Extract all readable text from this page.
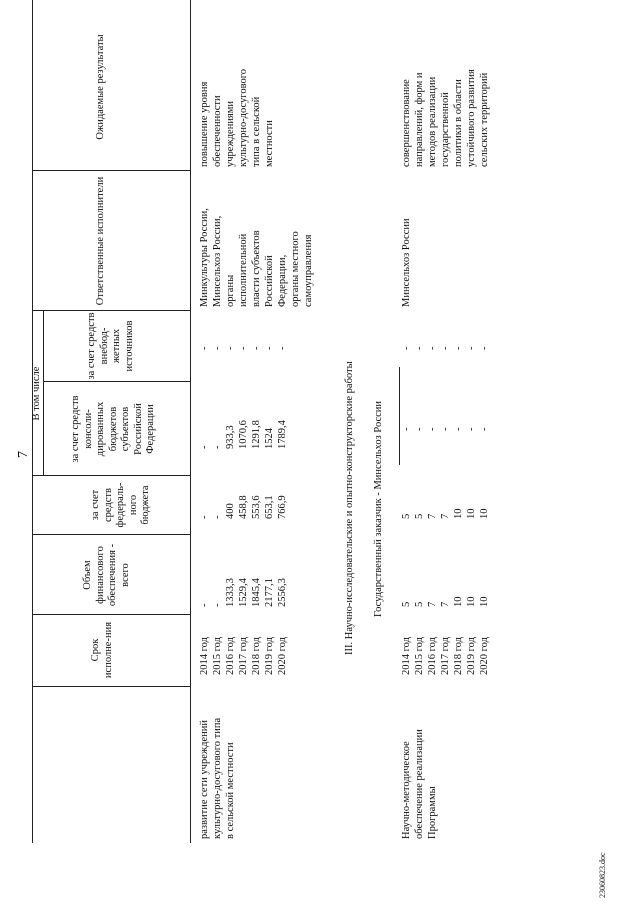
7
23060823.doc
Срок исполне-ния
Объем финансового обеспечения - всего
В том числе
за счет средств федераль-ного бюджета
за счет средств консоли-дированных бюджетов субъектов Российской Федерации
за счет средств внебюд-жетных источников
Ответственные исполнители
Ожидаемые результаты
развитие сети учреждений культурно-досугового типа в сельской местности
2014 год 2015 год 2016 год 2017 год 2018 год 2019 год 2020 год
- - 1333,3 1529,4 1845,4 2177,1 2556,3
- - 400 458,8 553,6 653,1 766,9
- - 933,3 1070,6 1291,8 1524 1789,4
- - - - - - -
Минкультуры России, Минсельхоз России, органы исполнительной власти субъектов Российской Федерации, органы местного самоуправления
повышение уровня обеспеченности учреждениями культурно-досугового типа в сельской местности
III. Научно-исследовательские и опытно-конструкторские работы Государственный заказчик - Минсельхоз России
Научно-методическое обеспечение реализации Программы
2014 год 2015 год 2016 год 2017 год 2018 год 2019 год 2020 год
5 5 7 7 10 10 10
5 5 7 7 10 10 10
- - - - - - -
- - - - - - -
Минсельхоз России
совершенствование направлений, форм и методов реализации государственной политики в области устойчивого развития сельских территорий
